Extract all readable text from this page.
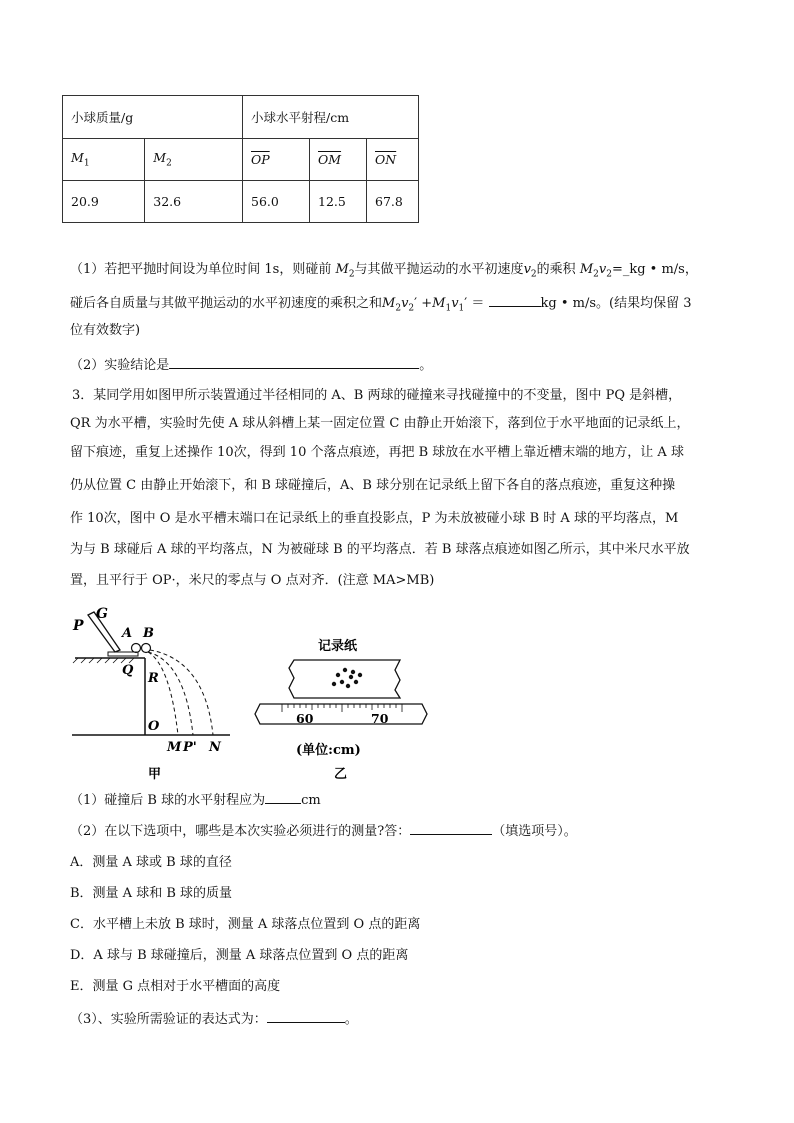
小球质量/g		小球水平射程/cm		
$M_1$	$M_2$	$\overline{OP}$	$\overline{OM}$	$\overline{ON}$
20.9	32.6	56.0	12.5	67.8
（1）若把平抛时间设为单位时间 1s，则碰前 $M_2$与其做平抛运动的水平初速度$v_2$的乘积 $M_2v_2=\_kg$ • m/s，
碰后各自质量与其做平抛运动的水平初速度的乘积之和$M_2v_2' +M_1v_1'$ ＝	kg • m/s。(结果均保留 3
位有效数字)
（2）实验结论是	。
3．某同学用如图甲所示装置通过半径相同的 A、B 两球的碰撞来寻找碰撞中的不变量，图中 PQ 是斜槽，
QR 为水平槽，实验时先使 A 球从斜槽上某一固定位置 C 由静止开始滚下，落到位于水平地面的记录纸上，
留下痕迹，重复上述操作 10次，得到 10 个落点痕迹，再把 B 球放在水平槽上靠近槽末端的地方，让 A 球
仍从位置 C 由静止开始滚下，和 B 球碰撞后，A、B 球分别在记录纸上留下各自的落点痕迹，重复这种操
作 10次，图中 O 是水平槽末端口在记录纸上的垂直投影点，P 为未放被碰小球 B 时 A 球的平均落点，M
为与 B 球碰后 A 球的平均落点，N 为被碰球 B 的平均落点．若 B 球落点痕迹如图乙所示，其中米尺水平放
置，且平行于 OP·，米尺的零点与 O 点对齐．(注意 MA>MB)
G
P	A B
Q
R
O
M P' N
甲
记录纸
60	70
(单位:cm)
乙
（1）碰撞后 B 球的水平射程应为	cm
（2）在以下选项中，哪些是本次实验必须进行的测量?答：	（填选项号）。
A．测量 A 球或 B 球的直径
B．测量 A 球和 B 球的质量
C．水平槽上未放 B 球时，测量 A 球落点位置到 O 点的距离
D．A 球与 B 球碰撞后，测量 A 球落点位置到 O 点的距离
E．测量 G 点相对于水平槽面的高度
（3）、实验所需验证的表达式为：	。
